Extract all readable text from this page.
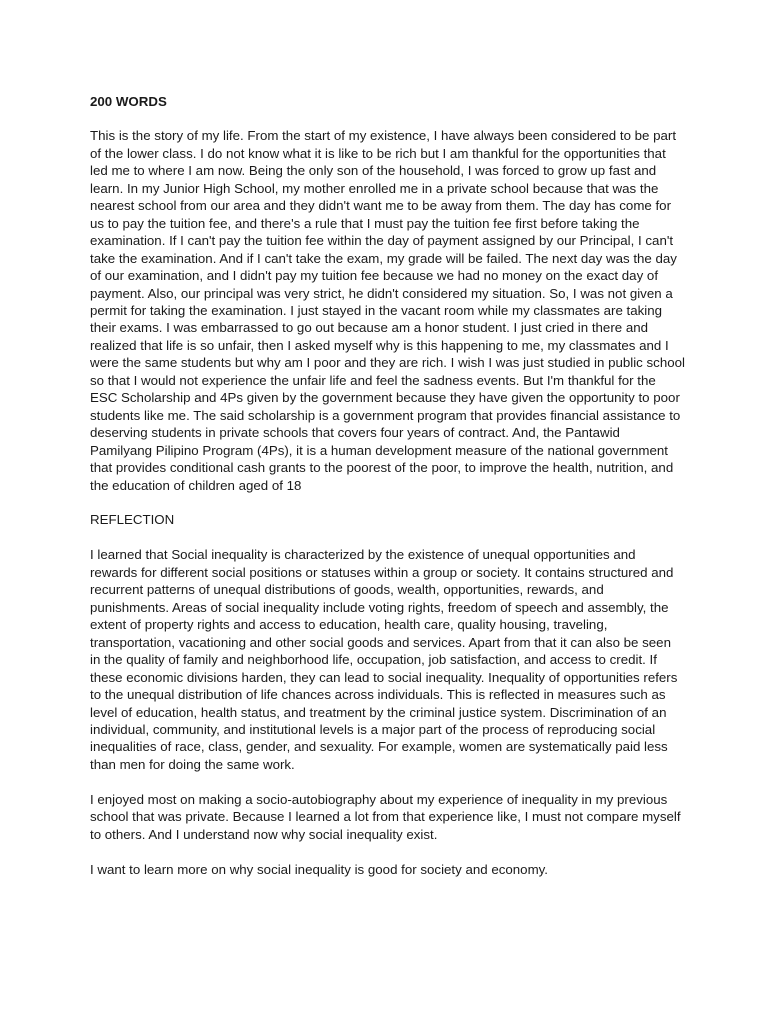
200 WORDS

This is the story of my life. From the start of my existence, I have always been considered to be part of the lower class. I do not know what it is like to be rich but I am thankful for the opportunities that led me to where I am now. Being the only son of the household, I was forced to grow up fast and learn. In my Junior High School, my mother enrolled me in a private school because that was the nearest school from our area and they didn't want me to be away from them. The day has come for us to pay the tuition fee, and there's a rule that I must pay the tuition fee first before taking the examination. If I can't pay the tuition fee within the day of payment assigned by our Principal, I can't take the examination. And if I can't take the exam, my grade will be failed. The next day was the day of our examination, and I didn't pay my tuition fee because we had no money on the exact day of payment. Also, our principal was very strict, he didn't considered my situation. So, I was not given a permit for taking the examination. I just stayed in the vacant room while my classmates are taking their exams. I was embarrassed to go out because am a honor student. I just cried in there and realized that life is so unfair, then I asked myself why is this happening to me, my classmates and I were the same students but why am I poor and they are rich. I wish I was just studied in public school so that I would not experience the unfair life and feel the sadness events. But I'm thankful for the ESC Scholarship and 4Ps given by the government because they have given the opportunity to poor students like me. The said scholarship is a government program that provides financial assistance to deserving students in private schools that covers four years of contract. And, the Pantawid Pamilyang Pilipino Program (4Ps), it is a human development measure of the national government that provides conditional cash grants to the poorest of the poor, to improve the health, nutrition, and the education of children aged of 18

REFLECTION

I learned that Social inequality is characterized by the existence of unequal opportunities and rewards for different social positions or statuses within a group or society. It contains structured and recurrent patterns of unequal distributions of goods, wealth, opportunities, rewards, and punishments. Areas of social inequality include voting rights, freedom of speech and assembly, the extent of property rights and access to education, health care, quality housing, traveling, transportation, vacationing and other social goods and services. Apart from that it can also be seen in the quality of family and neighborhood life, occupation, job satisfaction, and access to credit. If these economic divisions harden, they can lead to social inequality. Inequality of opportunities refers to the unequal distribution of life chances across individuals. This is reflected in measures such as level of education, health status, and treatment by the criminal justice system. Discrimination of an individual, community, and institutional levels is a major part of the process of reproducing social inequalities of race, class, gender, and sexuality. For example, women are systematically paid less than men for doing the same work.

I enjoyed most on making a socio-autobiography about my experience of inequality in my previous school that was private. Because I learned a lot from that experience like, I must not compare myself to others. And I understand now why social inequality exist.

I want to learn more on why social inequality is good for society and economy.
